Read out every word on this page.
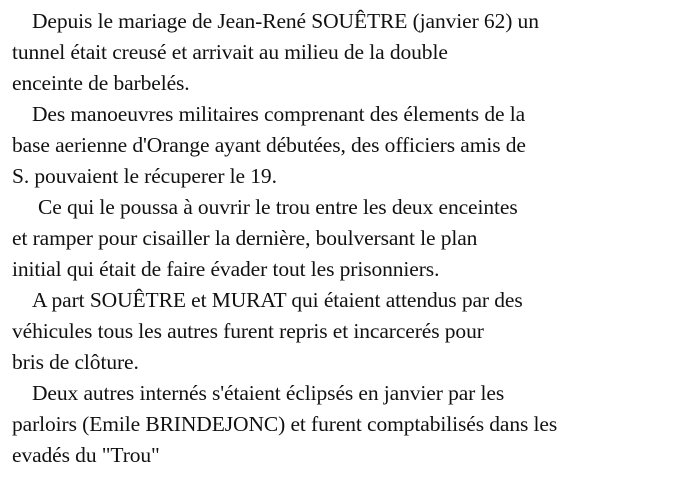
Depuis le mariage de Jean-René SOUÊTRE (janvier 62) un
tunnel était creusé et arrivait au milieu de la double
enceinte de barbelés.
Des manoeuvres militaires comprenant des élements de la
base aerienne d'Orange ayant débutées, des officiers amis de
S. pouvaient le récuperer le 19.
Ce qui le poussa à ouvrir le trou entre les deux enceintes
et ramper pour cisailler la dernière, boulversant le plan
initial qui était de faire évader tout les prisonniers.
A part SOUÊTRE et MURAT qui étaient attendus par des
véhicules tous les autres furent repris et incarcerés pour
bris de clôture.
Deux autres internés s'étaient éclipsés en janvier par les
parloirs (Emile BRINDEJONC) et furent comptabilisés dans les
evadés du "Trou"
